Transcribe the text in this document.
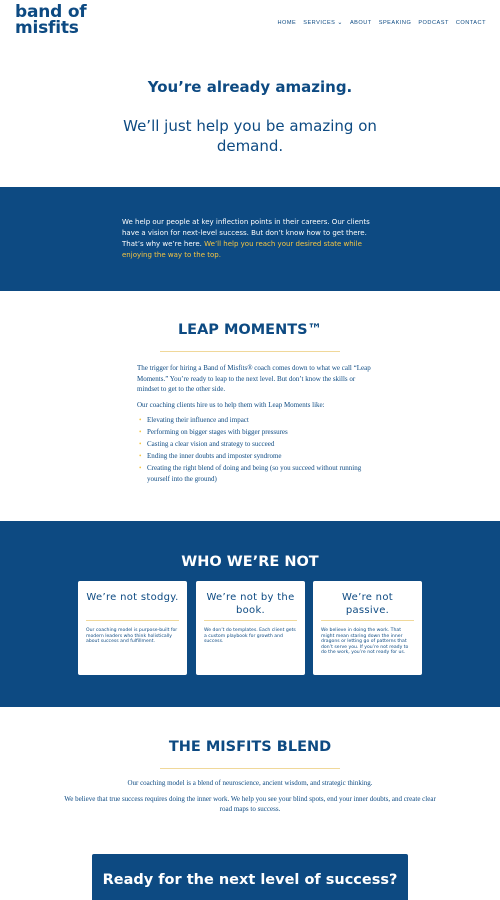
band of
misfits	HOME SERVICES ⌄ ABOUT SPEAKING PODCAST CONTACT
You’re already amazing.
We’ll just help you be amazing on demand.

We help our people at key inflection points in their careers. Our clients have a vision for next-level success. But don’t know how to get there. That’s why we’re here. We’ll help you reach your desired state while enjoying the way to the top.

LEAP MOMENTS™

The trigger for hiring a Band of Misfits® coach comes down to what we call “Leap Moments.” You’re ready to leap to the next level. But don’t know the skills or mindset to get to the other side.

Our coaching clients hire us to help them with Leap Moments like:

• Elevating their influence and impact
• Performing on bigger stages with bigger pressures
• Casting a clear vision and strategy to succeed
• Ending the inner doubts and imposter syndrome
• Creating the right blend of doing and being (so you succeed without running yourself into the ground)
WHO WE’RE NOT
We’re not stodgy.

Our coaching model is purpose-built for modern leaders who think holistically about success and fulfillment.

We’re not by the book.

We don’t do templates. Each client gets a custom playbook for growth and success.

We’re not passive.

We believe in doing the work. That might mean staring down the inner dragons or letting go of patterns that don’t serve you. If you’re not ready to do the work, you’re not ready for us.

THE MISFITS BLEND

Our coaching model is a blend of neuroscience, ancient wisdom, and strategic thinking.

We believe that true success requires doing the inner work. We help you see your blind spots, end your inner doubts, and create clear road maps to success.

Ready for the next level of success?
